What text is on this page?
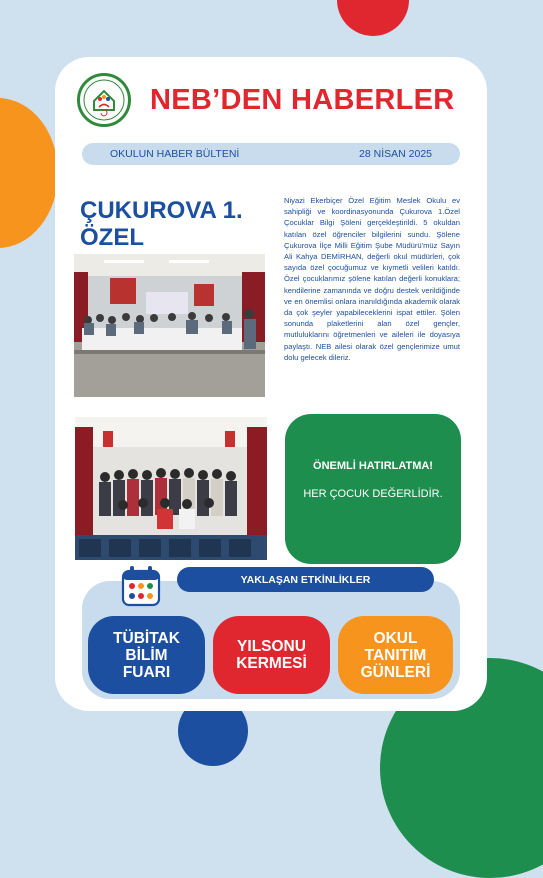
NEB’DEN HABERLER
OKULUN HABER BÜLTENİ	28 NİSAN 2025
ÇUKUROVA 1. ÖZEL
Niyazi Ekerbiçer Özel Eğitim Meslek Okulu ev sahipliği ve koordinasyonunda Çukurova 1.Özel Çocuklar Bilgi Şöleni gerçekleştirildi. 5 okuldan katılan özel öğrenciler bilgilerini sundu. Şölene Çukurova İlçe Milli Eğitim Şube Müdürü'müz Sayın Ali Kahya DEMİRHAN, değerli okul müdürleri, çok sayıda özel çocuğumuz ve kıymetli velileri katıldı. Özel çocuklarımız şölene katılan değerli konuklara; kendilerine zamanında ve doğru destek verildiğinde ve en önemlisi onlara inanıldığında akademik olarak da çok şeyler yapabileceklerini ispat ettiler. Şölen sonunda plaketlerini alan özel gençler, mutluluklarını öğretmenleri ve aileleri ile doyasıya paylaştı. NEB ailesi olarak özel gençlerimize umut dolu gelecek dileriz.
ÖNEMLİ HATIRLATMA!
HER ÇOCUK DEĞERLİDİR.
YAKLAŞAN ETKİNLİKLER
TÜBİTAK
BİLİM
FUARI
YILSONU
KERMESİ
OKUL
TANITIM
GÜNLERİ
